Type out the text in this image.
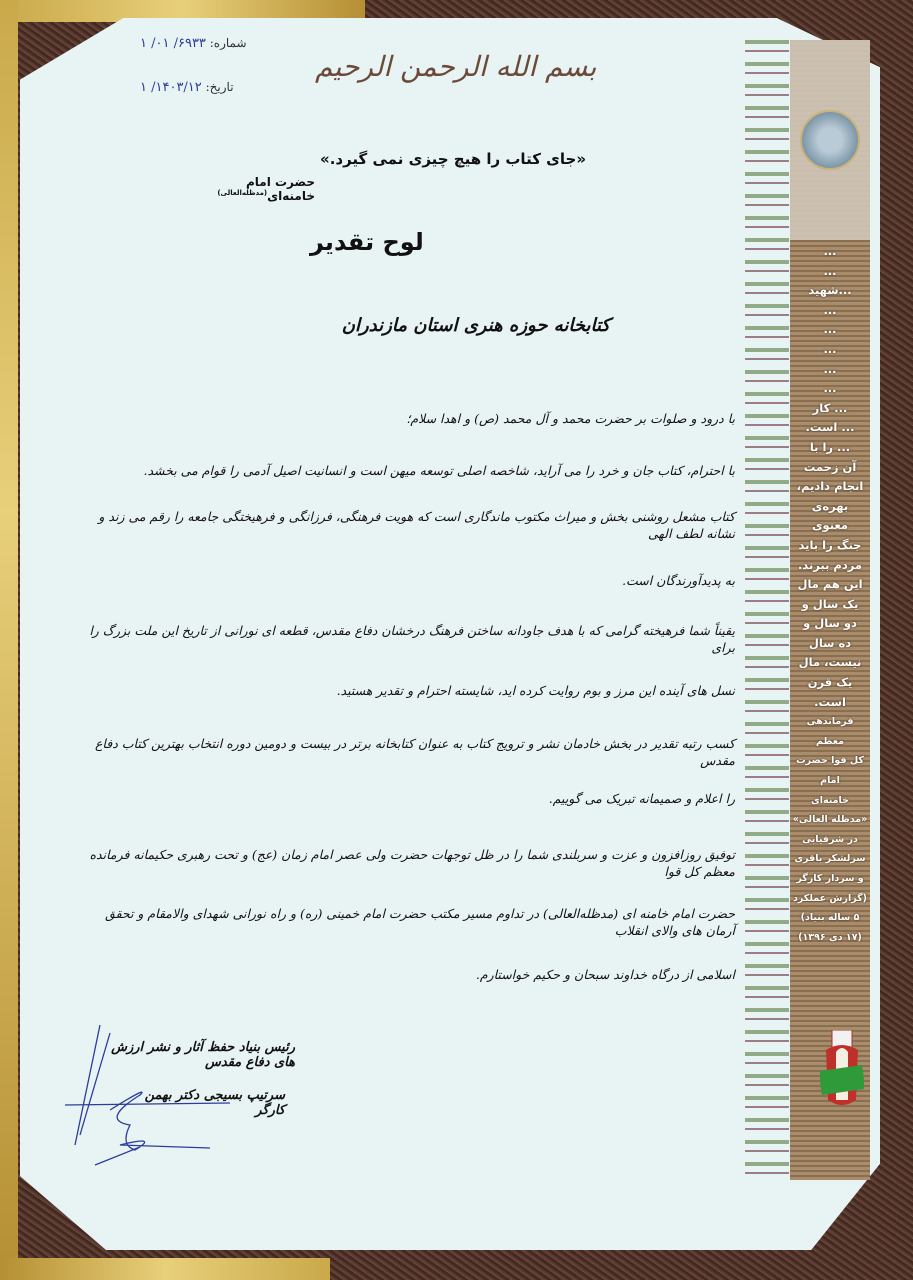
...
...
...شهید
...
...
...
...
...
... کار
... است.
... را با
آن زحمت
انجام دادیم،
بهره‌ی معنوی
جنگ را باید
مردم ببرند.
این هم مال
یک سال و
دو سال و
ده سال
نیست، مال
یک قرن است.
فرماندهی معظم
کل قوا حضرت امام
خامنه‌ای «مدظله العالی»
در شرفیابی
سرلشکر باقری
و سردار کارگر
(گزارش عملکرد
۵ ساله بنیاد)
(۱۷ دی ۱۳۹۶)
شماره: ۶۹۳۳/ ۰۱/ ۱
تاریخ: ۱۴۰۳/۱۲/ ۱
بسم الله الرحمن الرحیم
«جای کتاب را هیچ چیزی نمی گیرد.»
حضرت امام خامنه‌ای$^{(مدظله‌العالی)}$
لوح تقدیر
کتابخانه حوزه هنری استان مازندران
با درود و صلوات بر حضرت محمد و آل محمد (ص) و اهدا سلام؛
با احترام، کتاب جان و خرد را می آراید، شاخصه اصلی توسعه میهن است و انسانیت اصیل آدمی را قوام می بخشد.
کتاب مشعل روشنی بخش و میراث مکتوب ماندگاری است که هویت فرهنگی، فرزانگی و فرهیختگی جامعه را رقم می زند و نشانه لطف الهی
به پدیدآورندگان است.
یقیناً شما فرهیخته گرامی که با هدف جاودانه ساختن فرهنگ درخشان دفاع مقدس، قطعه ای نورانی از تاریخ این ملت بزرگ را برای
نسل های آینده این مرز و بوم روایت کرده اید، شایسته احترام و تقدیر هستید.
کسب رتبه تقدیر در بخش خادمان نشر و ترویج کتاب به عنوان کتابخانه برتر در بیست و دومین دوره انتخاب بهترین کتاب دفاع مقدس
را اعلام و صمیمانه تبریک می گوییم.
توفیق روزافزون و عزت و سربلندی شما را در ظل توجهات حضرت ولی عصر امام زمان (عج) و تحت رهبری حکیمانه فرمانده معظم کل قوا
حضرت امام خامنه ای (مدظله‌العالی) در تداوم مسیر مکتب حضرت امام خمینی (ره) و راه نورانی شهدای والامقام و تحقق آرمان های والای انقلاب
اسلامی از درگاه خداوند سبحان و حکیم خواستارم.
رئیس بنیاد حفظ آثار و نشر ارزش های دفاع مقدس
سرتیپ بسیجی دکتر بهمن کارگر
